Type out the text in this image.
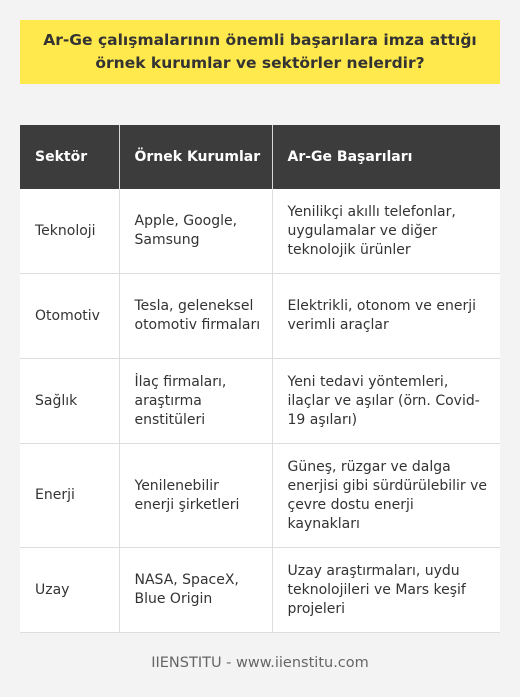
Ar-Ge çalışmalarının önemli başarılara imza attığı örnek kurumlar ve sektörler nelerdir?
Sektör	Örnek Kurumlar	Ar-Ge Başarıları
Teknoloji	Apple, Google, Samsung	Yenilikçi akıllı telefonlar, uygulamalar ve diğer teknolojik ürünler
Otomotiv	Tesla, geleneksel otomotiv firmaları	Elektrikli, otonom ve enerji verimli araçlar
Sağlık	İlaç firmaları, araştırma enstitüleri	Yeni tedavi yöntemleri, ilaçlar ve aşılar (örn. Covid-19 aşıları)
Enerji	Yenilenebilir enerji şirketleri	Güneş, rüzgar ve dalga enerjisi gibi sürdürülebilir ve çevre dostu enerji kaynakları
Uzay	NASA, SpaceX, Blue Origin	Uzay araştırmaları, uydu teknolojileri ve Mars keşif projeleri
IIENSTITU - www.iienstitu.com
